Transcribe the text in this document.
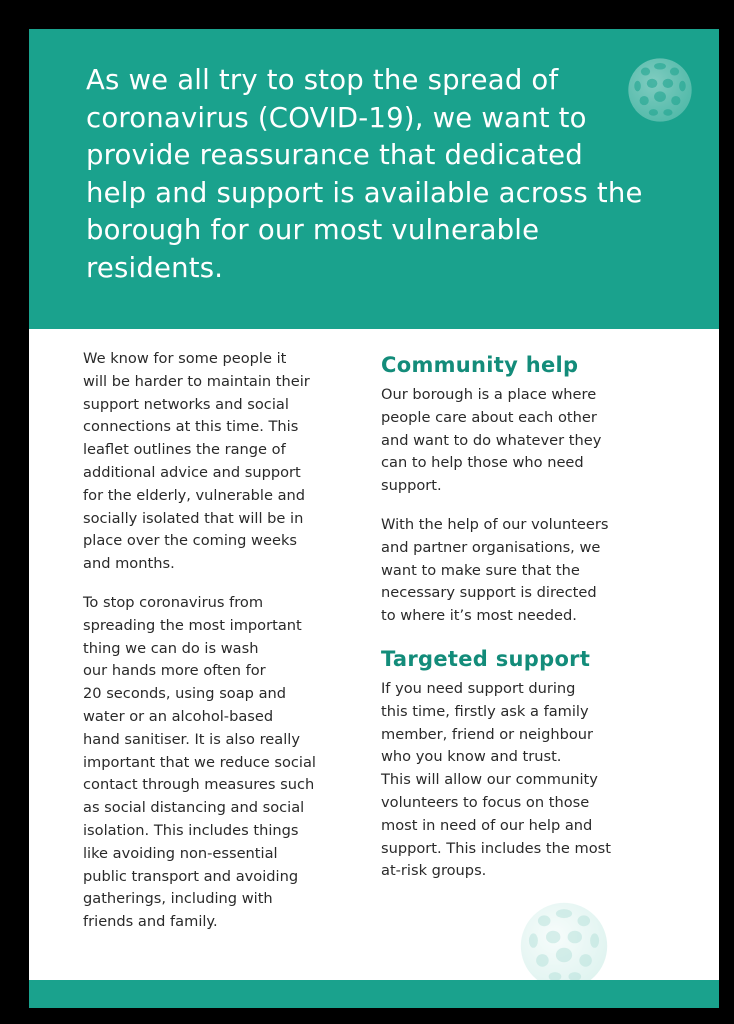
As we all try to stop the spread of coronavirus (COVID-19), we want to provide reassurance that dedicated help and support is available across the borough for our most vulnerable residents.

We know for some people it
will be harder to maintain their
support networks and social
connections at this time. This
leaflet outlines the range of
additional advice and support
for the elderly, vulnerable and
socially isolated that will be in
place over the coming weeks
and months.

To stop coronavirus from
spreading the most important
thing we can do is wash
our hands more often for
20 seconds, using soap and
water or an alcohol-based
hand sanitiser. It is also really
important that we reduce social
contact through measures such
as social distancing and social
isolation. This includes things
like avoiding non-essential
public transport and avoiding
gatherings, including with
friends and family.

Community help

Our borough is a place where
people care about each other
and want to do whatever they
can to help those who need
support.

With the help of our volunteers
and partner organisations, we
want to make sure that the
necessary support is directed
to where it’s most needed.

Targeted support

If you need support during
this time, firstly ask a family
member, friend or neighbour
who you know and trust.
This will allow our community
volunteers to focus on those
most in need of our help and
support. This includes the most
at-risk groups.
